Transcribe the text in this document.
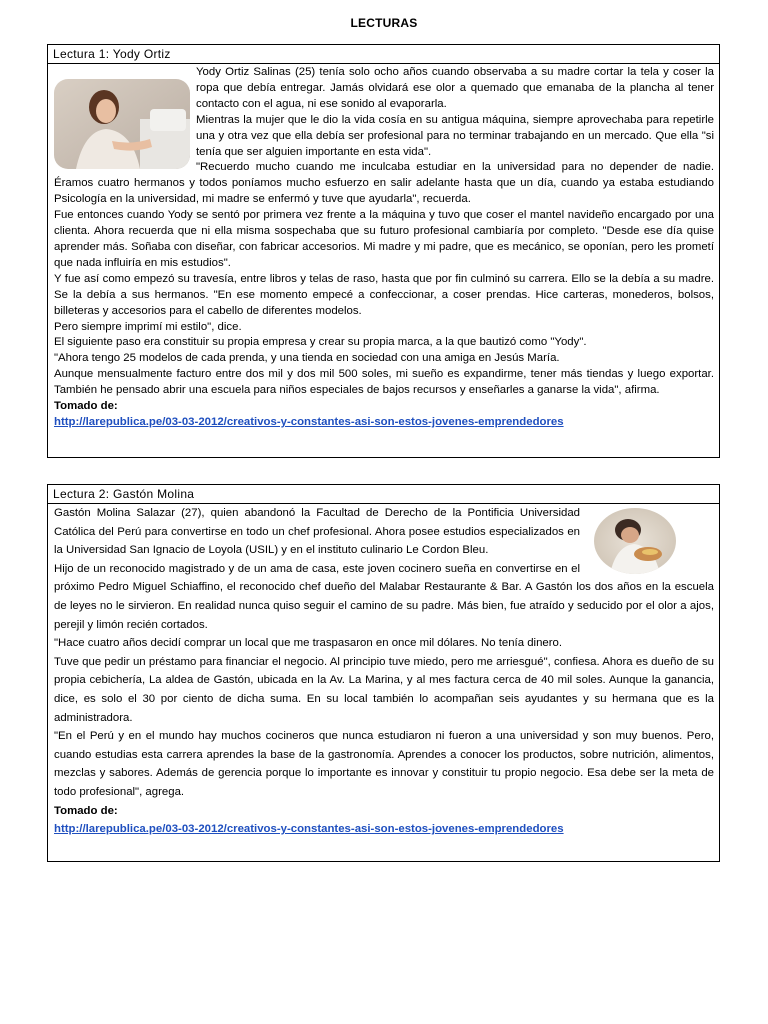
LECTURAS
Lectura 1: Yody Ortiz

Yody Ortiz Salinas (25) tenía solo ocho años cuando observaba a su madre cortar la tela y coser la ropa que debía entregar. Jamás olvidará ese olor a quemado que emanaba de la plancha al tener contacto con el agua, ni ese sonido al evaporarla.

Mientras la mujer que le dio la vida cosía en su antigua máquina, siempre aprovechaba para repetirle una y otra vez que ella debía ser profesional para no terminar trabajando en un mercado. Que ella "si tenía que ser alguien importante en esta vida".

"Recuerdo mucho cuando me inculcaba estudiar en la universidad para no depender de nadie. Éramos cuatro hermanos y todos poníamos mucho esfuerzo en salir adelante hasta que un día, cuando ya estaba estudiando Psicología en la universidad, mi madre se enfermó y tuve que ayudarla", recuerda.

Fue entonces cuando Yody se sentó por primera vez frente a la máquina y tuvo que coser el mantel navideño encargado por una clienta. Ahora recuerda que ni ella misma sospechaba que su futuro profesional cambiaría por completo. "Desde ese día quise aprender más. Soñaba con diseñar, con fabricar accesorios. Mi madre y mi padre, que es mecánico, se oponían, pero les prometí que nada influiría en mis estudios".

Y fue así como empezó su travesía, entre libros y telas de raso, hasta que por fin culminó su carrera. Ello se la debía a su madre. Se la debía a sus hermanos. "En ese momento empecé a confeccionar, a coser prendas. Hice carteras, monederos, bolsos, billeteras y accesorios para el cabello de diferentes modelos.

Pero siempre imprimí mi estilo", dice.

El siguiente paso era constituir su propia empresa y crear su propia marca, a la que bautizó como "Yody".

"Ahora tengo 25 modelos de cada prenda, y una tienda en sociedad con una amiga en Jesús María.

Aunque mensualmente facturo entre dos mil y dos mil 500 soles, mi sueño es expandirme, tener más tiendas y luego exportar. También he pensado abrir una escuela para niños especiales de bajos recursos y enseñarles a ganarse la vida", afirma.

Tomado de:

http://larepublica.pe/03-03-2012/creativos-y-constantes-asi-son-estos-jovenes-emprendedores

Lectura 2: Gastón Molina

Gastón Molina Salazar (27), quien abandonó la Facultad de Derecho de la Pontificia Universidad Católica del Perú para convertirse en todo un chef profesional. Ahora posee estudios especializados en la Universidad San Ignacio de Loyola (USIL) y en el instituto culinario Le Cordon Bleu.

Hijo de un reconocido magistrado y de un ama de casa, este joven cocinero sueña en convertirse en el próximo Pedro Miguel Schiaffino, el reconocido chef dueño del Malabar Restaurante & Bar. A Gastón los dos años en la escuela de leyes no le sirvieron. En realidad nunca quiso seguir el camino de su padre. Más bien, fue atraído y seducido por el olor a ajos, perejil y limón recién cortados.

"Hace cuatro años decidí comprar un local que me traspasaron en once mil dólares. No tenía dinero.

Tuve que pedir un préstamo para financiar el negocio. Al principio tuve miedo, pero me arriesgué", confiesa. Ahora es dueño de su propia cebichería, La aldea de Gastón, ubicada en la Av. La Marina, y al mes factura cerca de 40 mil soles. Aunque la ganancia, dice, es solo el 30 por ciento de dicha suma. En su local también lo acompañan seis ayudantes y su hermana que es la administradora.

"En el Perú y en el mundo hay muchos cocineros que nunca estudiaron ni fueron a una universidad y son muy buenos. Pero, cuando estudias esta carrera aprendes la base de la gastronomía. Aprendes a conocer los productos, sobre nutrición, alimentos, mezclas y sabores. Además de gerencia porque lo importante es innovar y constituir tu propio negocio. Esa debe ser la meta de todo profesional", agrega.

Tomado de:

http://larepublica.pe/03-03-2012/creativos-y-constantes-asi-son-estos-jovenes-emprendedores
